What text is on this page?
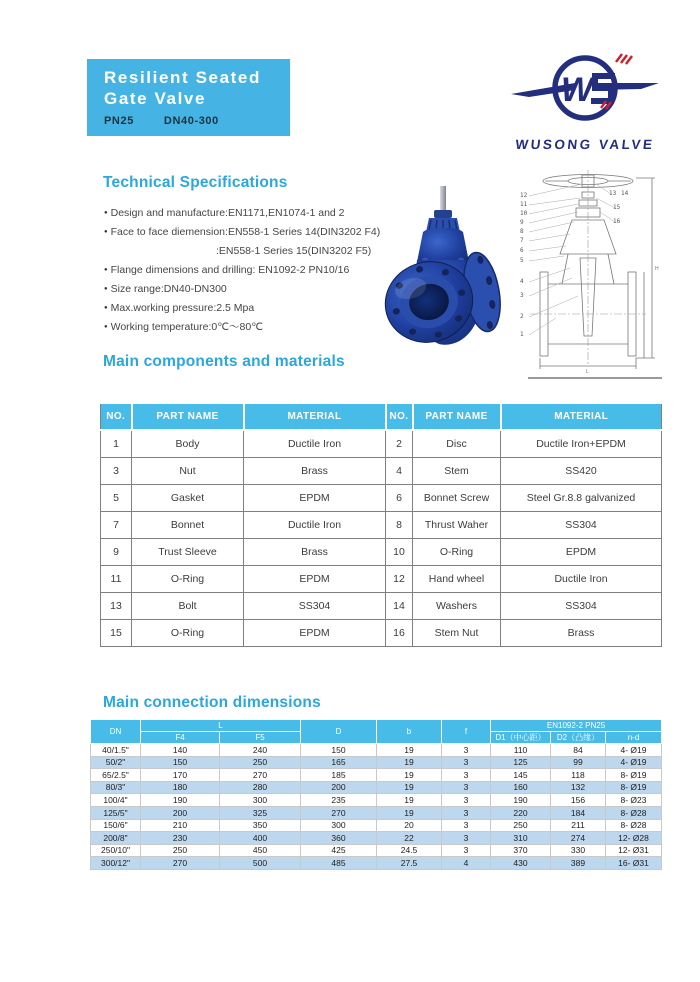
Resilient Seated
Gate Valve
PN25	DN40-300
W
WUSONG VALVE
Technical Specifications
Main components and materials
Main connection dimensions
● Design and manufacture:EN1171,EN1074-1 and 2
● Face to face diemension:EN558-1 Series 14(DIN3202 F4)
:EN558-1 Series 15(DIN3202 F5)
● Flange dimensions and drilling: EN1092-2 PN10/16
● Size range:DN40-DN300
● Max.working pressure:2.5 Mpa
● Working temperature:0℃～80℃
L
H
12
11
10
9
8
7
6
5
4
3
2
1
13 14
15
16
NO.	PART NAME	MATERIAL	NO.	PART NAME	MATERIAL
1	Body	Ductile Iron	2	Disc	Ductile Iron+EPDM
3	Nut	Brass	4	Stem	SS420
5	Gasket	EPDM	6	Bonnet Screw	Steel Gr.8.8 galvanized
7	Bonnet	Ductile Iron	8	Thrust Waher	SS304
9	Trust Sleeve	Brass	10	O-Ring	EPDM
11	O-Ring	EPDM	12	Hand wheel	Ductile Iron
13	Bolt	SS304	14	Washers	SS304
15	O-Ring	EPDM	16	Stem Nut	Brass
DN	L		D	b	f	EN1092-2 PN25		
	F4	F5				D1（中心距）	D2（凸缘）	n-d
40/1.5"	140	240	150	19	3	110	84	4- Ø19
50/2"	150	250	165	19	3	125	99	4- Ø19
65/2.5"	170	270	185	19	3	145	118	8- Ø19
80/3"	180	280	200	19	3	160	132	8- Ø19
100/4"	190	300	235	19	3	190	156	8- Ø23
125/5"	200	325	270	19	3	220	184	8- Ø28
150/6"	210	350	300	20	3	250	211	8- Ø28
200/8"	230	400	360	22	3	310	274	12- Ø28
250/10"	250	450	425	24.5	3	370	330	12- Ø31
300/12"	270	500	485	27.5	4	430	389	16- Ø31
